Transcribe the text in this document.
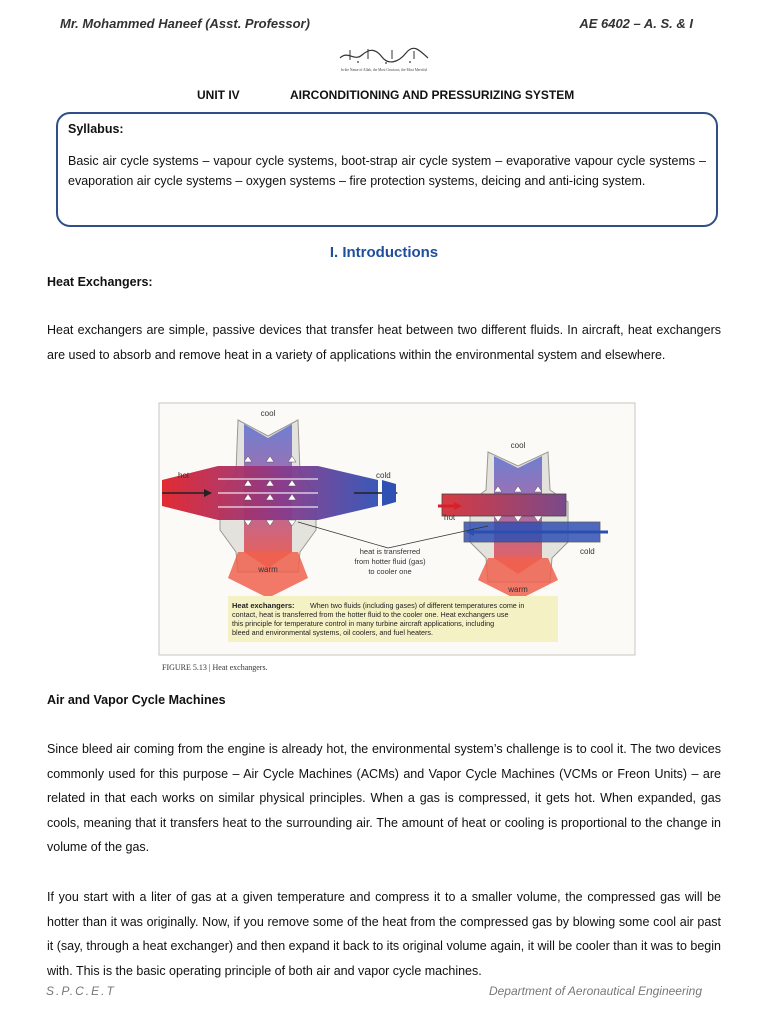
Mr. Mohammed Haneef (Asst. Professor)	AE 6402 – A. S. & I
In the Name of Allah, the Most Gracious, the Most Merciful
UNIT IV	AIRCONDITIONING AND PRESSURIZING SYSTEM

Syllabus:

Basic air cycle systems – vapour cycle systems, boot-strap air cycle system – evaporative vapour cycle systems – evaporation air cycle systems – oxygen systems – fire protection systems, deicing and anti-icing system.

I. Introductions
Heat Exchangers:

Heat exchangers are simple, passive devices that transfer heat between two different fluids. In aircraft, heat exchangers are used to absorb and remove heat in a variety of applications within the environmental system and elsewhere.

cool
hot	cold
warm
cool
hot
cold
warm
heat is transferred
from hotter fluid (gas)
to cooler one
Heat exchangers: When two fluids (including gases) of different temperatures come in
contact, heat is transferred from the hotter fluid to the cooler one. Heat exchangers use
this principle for temperature control in many turbine aircraft applications, including
bleed and environmental systems, oil coolers, and fuel heaters.
FIGURE 5.13 | Heat exchangers.
Air and Vapor Cycle Machines

Since bleed air coming from the engine is already hot, the environmental system’s challenge is to cool it. The two devices commonly used for this purpose – Air Cycle Machines (ACMs) and Vapor Cycle Machines (VCMs or Freon Units) – are related in that each works on similar physical principles. When a gas is compressed, it gets hot. When expanded, gas cools, meaning that it transfers heat to the surrounding air. The amount of heat or cooling is proportional to the change in volume of the gas.

If you start with a liter of gas at a given temperature and compress it to a smaller volume, the compressed gas will be hotter than it was originally. Now, if you remove some of the heat from the compressed gas by blowing some cool air past it (say, through a heat exchanger) and then expand it back to its original volume again, it will be cooler than it was to begin with. This is the basic operating principle of both air and vapor cycle machines.

S.P.C.E.T	Department of Aeronautical Engineering
